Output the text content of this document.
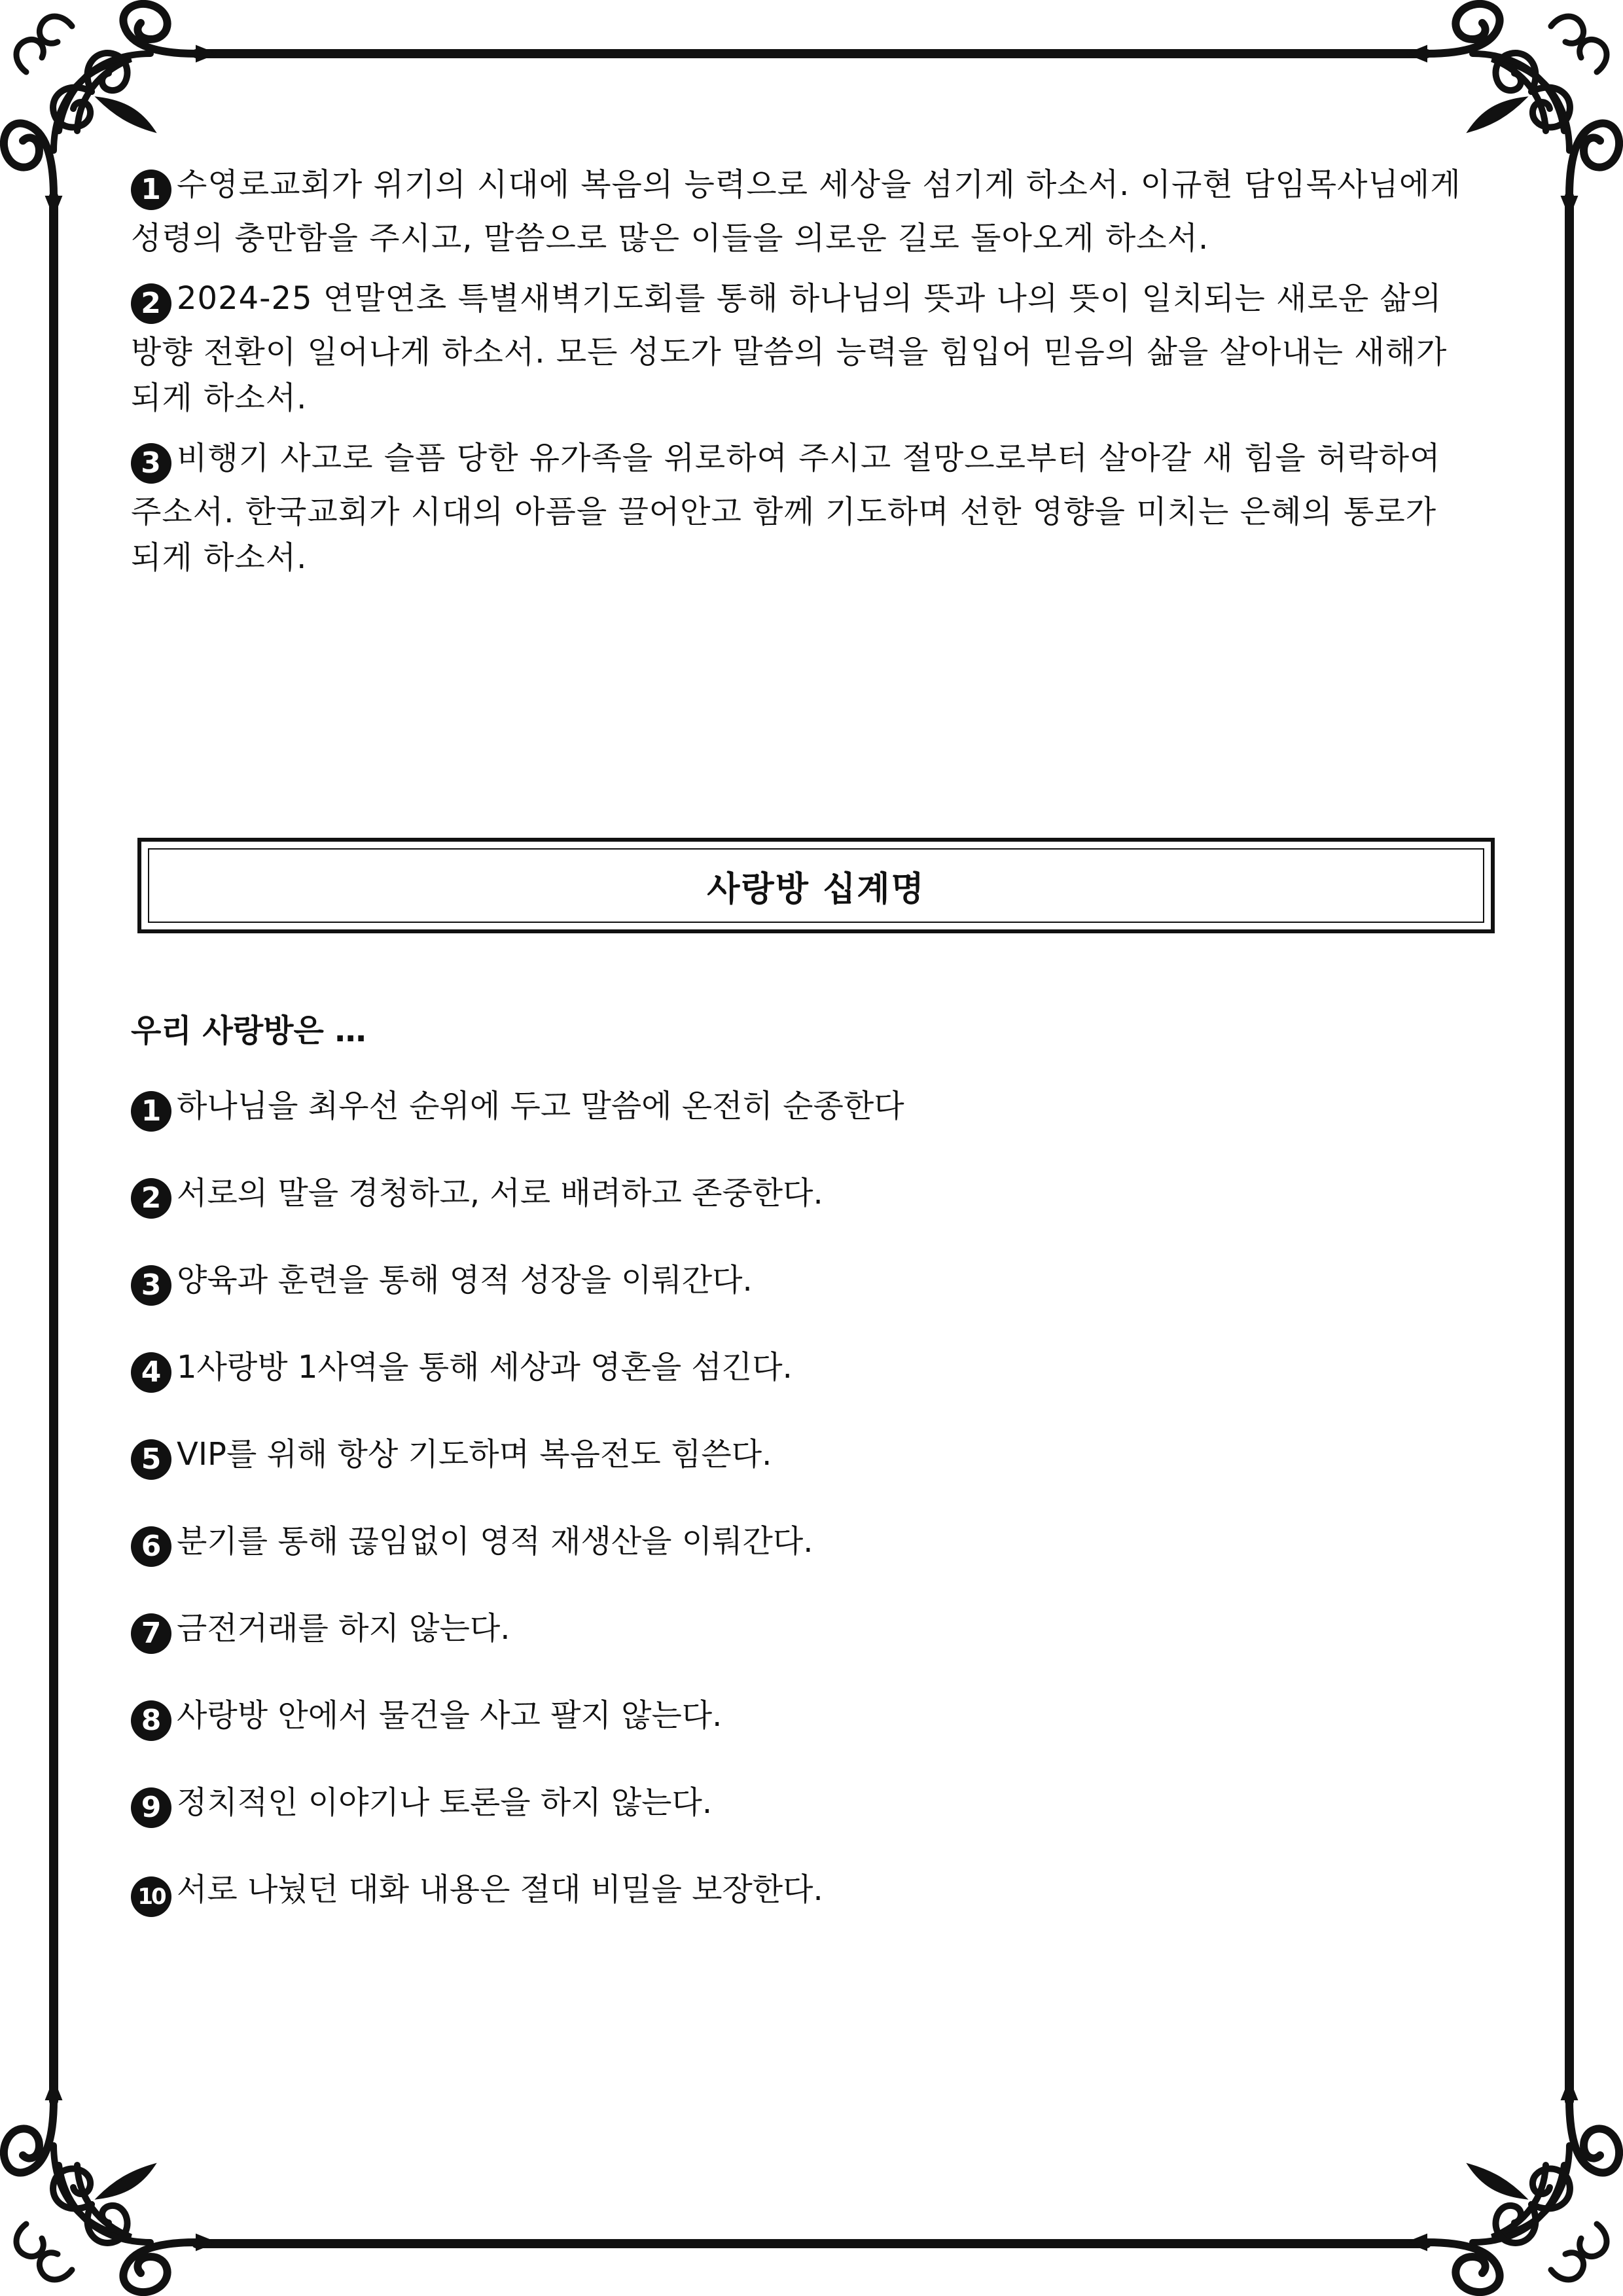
1 수영로교회가 위기의 시대에 복음의 능력으로 세상을 섬기게 하소서. 이규현 담임목사님에게
성령의 충만함을 주시고, 말씀으로 많은 이들을 의로운 길로 돌아오게 하소서.
2 2024-25 연말연초 특별새벽기도회를 통해 하나님의 뜻과 나의 뜻이 일치되는 새로운 삶의
방향 전환이 일어나게 하소서. 모든 성도가 말씀의 능력을 힘입어 믿음의 삶을 살아내는 새해가
되게 하소서.
3 비행기 사고로 슬픔 당한 유가족을 위로하여 주시고 절망으로부터 살아갈 새 힘을 허락하여
주소서. 한국교회가 시대의 아픔을 끌어안고 함께 기도하며 선한 영향을 미치는 은혜의 통로가
되게 하소서.
사랑방 십계명
우리 사랑방은 …
1 하나님을 최우선 순위에 두고 말씀에 온전히 순종한다
2 서로의 말을 경청하고, 서로 배려하고 존중한다.
3 양육과 훈련을 통해 영적 성장을 이뤄간다.
4 1사랑방 1사역을 통해 세상과 영혼을 섬긴다.
5 VIP를 위해 항상 기도하며 복음전도 힘쓴다.
6 분기를 통해 끊임없이 영적 재생산을 이뤄간다.
7 금전거래를 하지 않는다.
8 사랑방 안에서 물건을 사고 팔지 않는다.
9 정치적인 이야기나 토론을 하지 않는다.
10 서로 나눴던 대화 내용은 절대 비밀을 보장한다.
